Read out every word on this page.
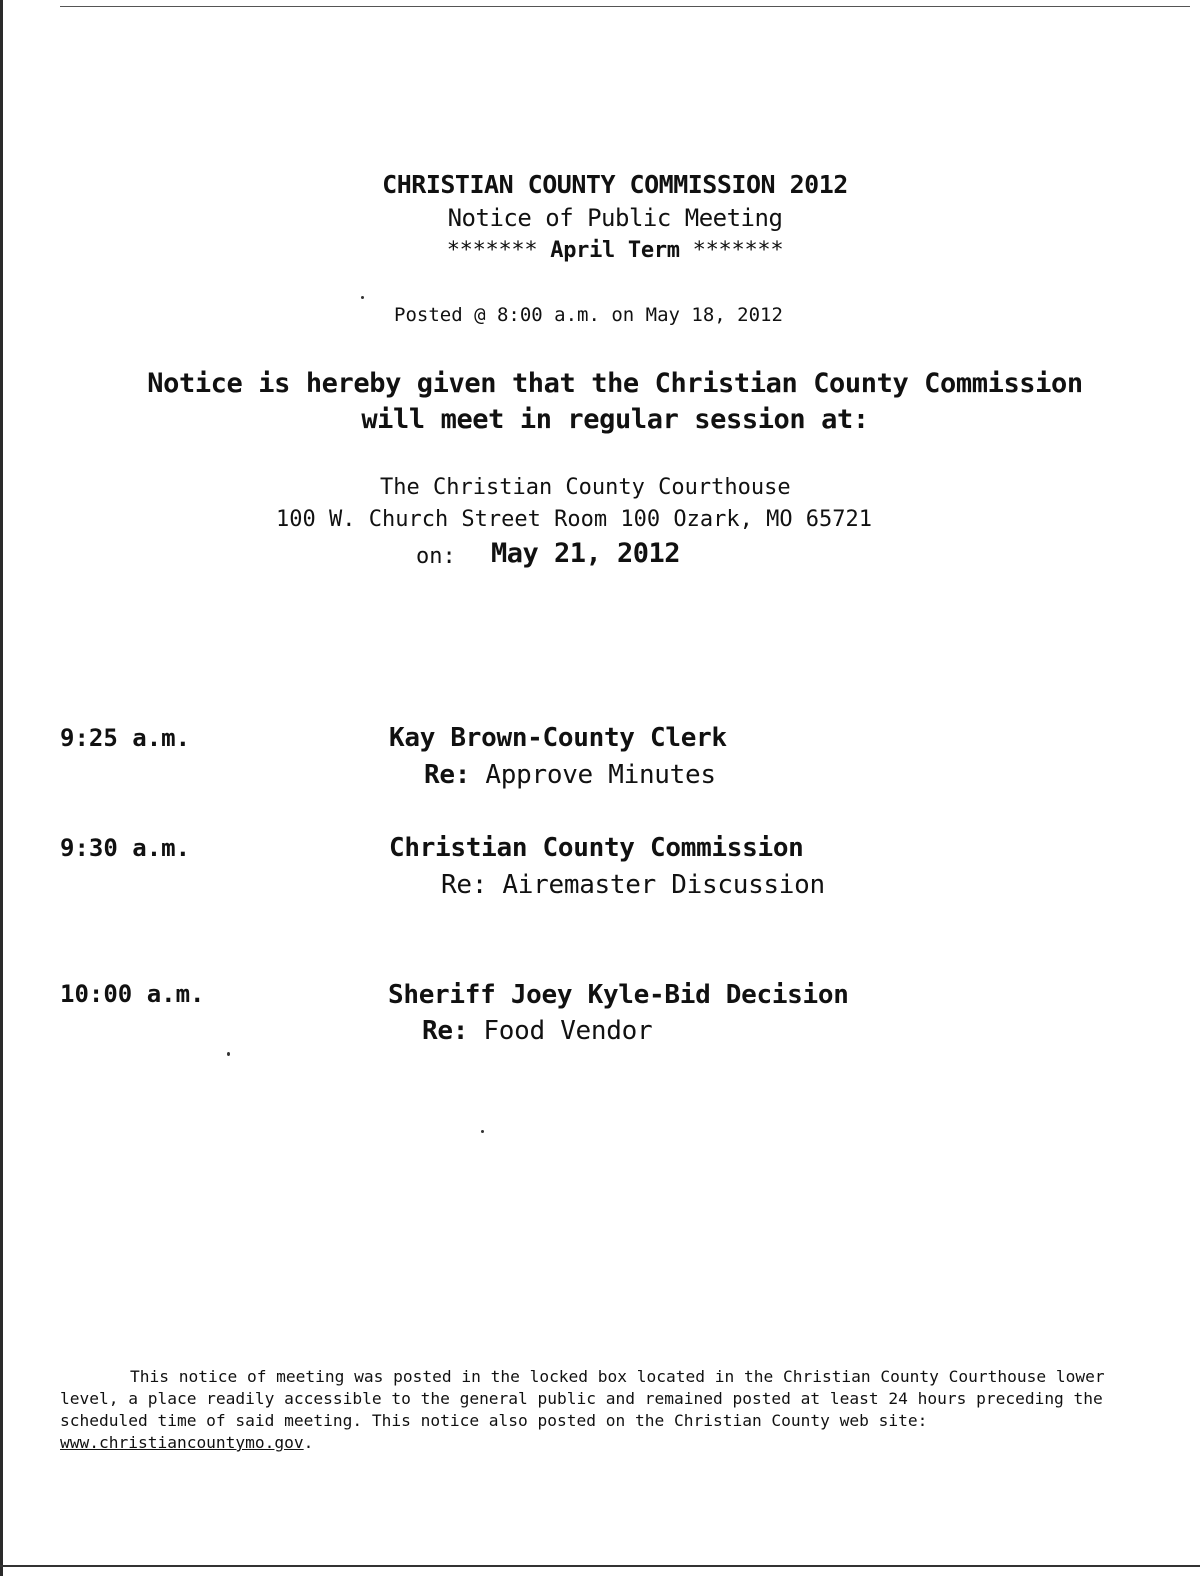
CHRISTIAN COUNTY COMMISSION 2012
Notice of Public Meeting
******* April Term *******
Posted @ 8:00 a.m. on May 18, 2012
Notice is hereby given that the Christian County Commission
will meet in regular session at:
The Christian County Courthouse
100 W. Church Street Room 100 Ozark, MO 65721
on: May 21, 2012
9:25 a.m.	Kay Brown-County Clerk
Re: Approve Minutes
9:30 a.m.	Christian County Commission
Re: Airemaster Discussion
10:00 a.m.	Sheriff Joey Kyle-Bid Decision
Re: Food Vendor
This notice of meeting was posted in the locked box located in the Christian County Courthouse lower level, a place readily accessible to the general public and remained posted at least 24 hours preceding the scheduled time of said meeting. This notice also posted on the Christian County web site: www.christiancountymo.gov.
